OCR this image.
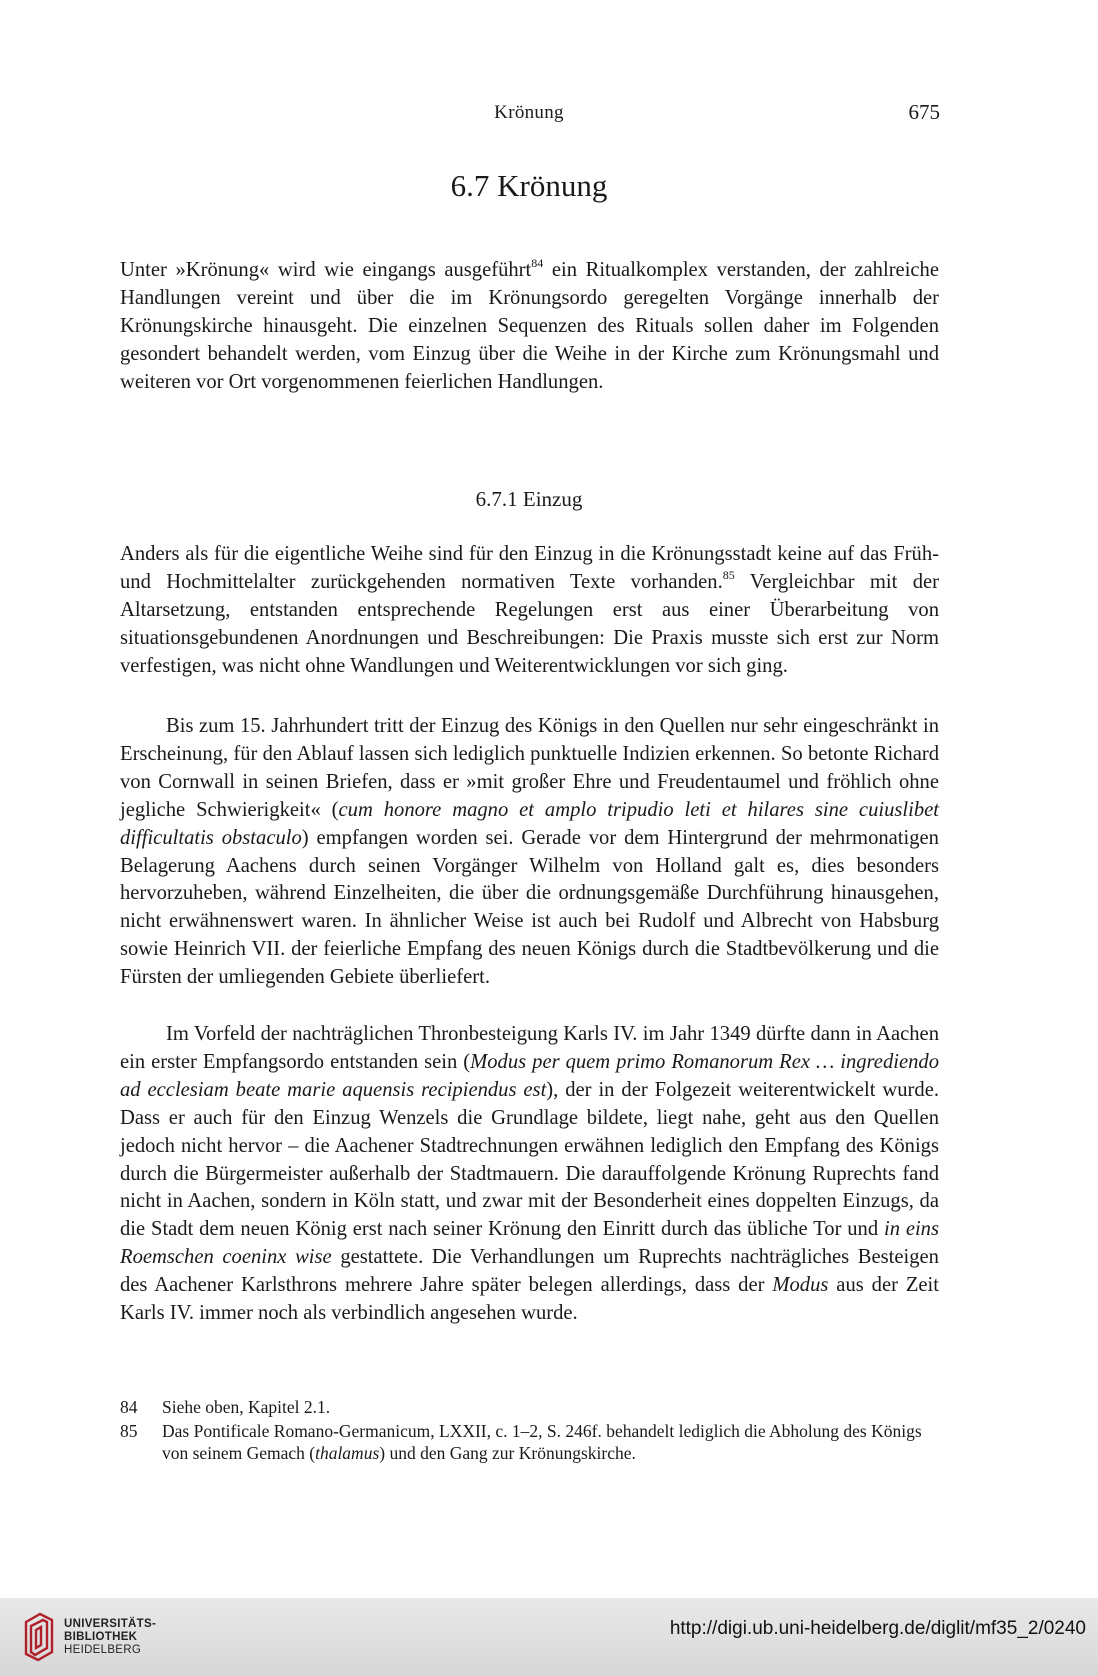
Krönung	675
6.7 Krönung

Unter »Krönung« wird wie eingangs ausgeführt$^{84}$ ein Ritualkomplex verstanden, der zahlreiche Handlungen vereint und über die im Krönungsordo geregelten Vorgänge innerhalb der Krönungskirche hinausgeht. Die einzelnen Sequenzen des Rituals sollen daher im Folgenden gesondert behandelt werden, vom Einzug über die Weihe in der Kirche zum Krönungsmahl und weiteren vor Ort vorgenommenen feierlichen Handlungen.

6.7.1 Einzug

Anders als für die eigentliche Weihe sind für den Einzug in die Krönungsstadt keine auf das Früh- und Hochmittelalter zurückgehenden normativen Texte vorhanden.$^{85}$ Vergleichbar mit der Altarsetzung, entstanden entsprechende Regelungen erst aus einer Überarbeitung von situationsgebundenen Anordnungen und Beschreibungen: Die Praxis musste sich erst zur Norm verfestigen, was nicht ohne Wandlungen und Weiterentwicklungen vor sich ging.

Bis zum 15. Jahrhundert tritt der Einzug des Königs in den Quellen nur sehr eingeschränkt in Erscheinung, für den Ablauf lassen sich lediglich punktuelle Indizien erkennen. So betonte Richard von Cornwall in seinen Briefen, dass er »mit großer Ehre und Freudentaumel und fröhlich ohne jegliche Schwierigkeit« (cum honore magno et amplo tripudio leti et hilares sine cuiuslibet difficultatis obstaculo) empfangen worden sei. Gerade vor dem Hintergrund der mehrmonatigen Belagerung Aachens durch seinen Vorgänger Wilhelm von Holland galt es, dies besonders hervorzuheben, während Einzelheiten, die über die ordnungsgemäße Durchführung hinausgehen, nicht erwähnenswert waren. In ähnlicher Weise ist auch bei Rudolf und Albrecht von Habsburg sowie Heinrich VII. der feierliche Empfang des neuen Königs durch die Stadtbevölkerung und die Fürsten der umliegenden Gebiete überliefert.

Im Vorfeld der nachträglichen Thronbesteigung Karls IV. im Jahr 1349 dürfte dann in Aachen ein erster Empfangsordo entstanden sein (Modus per quem primo Romanorum Rex … ingrediendo ad ecclesiam beate marie aquensis recipiendus est), der in der Folgezeit weiterentwickelt wurde. Dass er auch für den Einzug Wenzels die Grundlage bildete, liegt nahe, geht aus den Quellen jedoch nicht hervor – die Aachener Stadtrechnungen erwähnen lediglich den Empfang des Königs durch die Bürgermeister außerhalb der Stadtmauern. Die darauffolgende Krönung Ruprechts fand nicht in Aachen, sondern in Köln statt, und zwar mit der Besonderheit eines doppelten Einzugs, da die Stadt dem neuen König erst nach seiner Krönung den Einritt durch das übliche Tor und in eins Roemschen coeninx wise gestattete. Die Verhandlungen um Ruprechts nachträgliches Besteigen des Aachener Karlsthrons mehrere Jahre später belegen allerdings, dass der Modus aus der Zeit Karls IV. immer noch als verbindlich angesehen wurde.

84 Siehe oben, Kapitel 2.1.

85 Das Pontificale Romano-Germanicum, LXXII, c. 1–2, S. 246f. behandelt lediglich die Abholung des Königs von seinem Gemach (thalamus) und den Gang zur Krönungskirche.

UNIVERSITÄTS-
BIBLIOTHEK
HEIDELBERG
http://digi.ub.uni-heidelberg.de/diglit/mf35_2/0240
